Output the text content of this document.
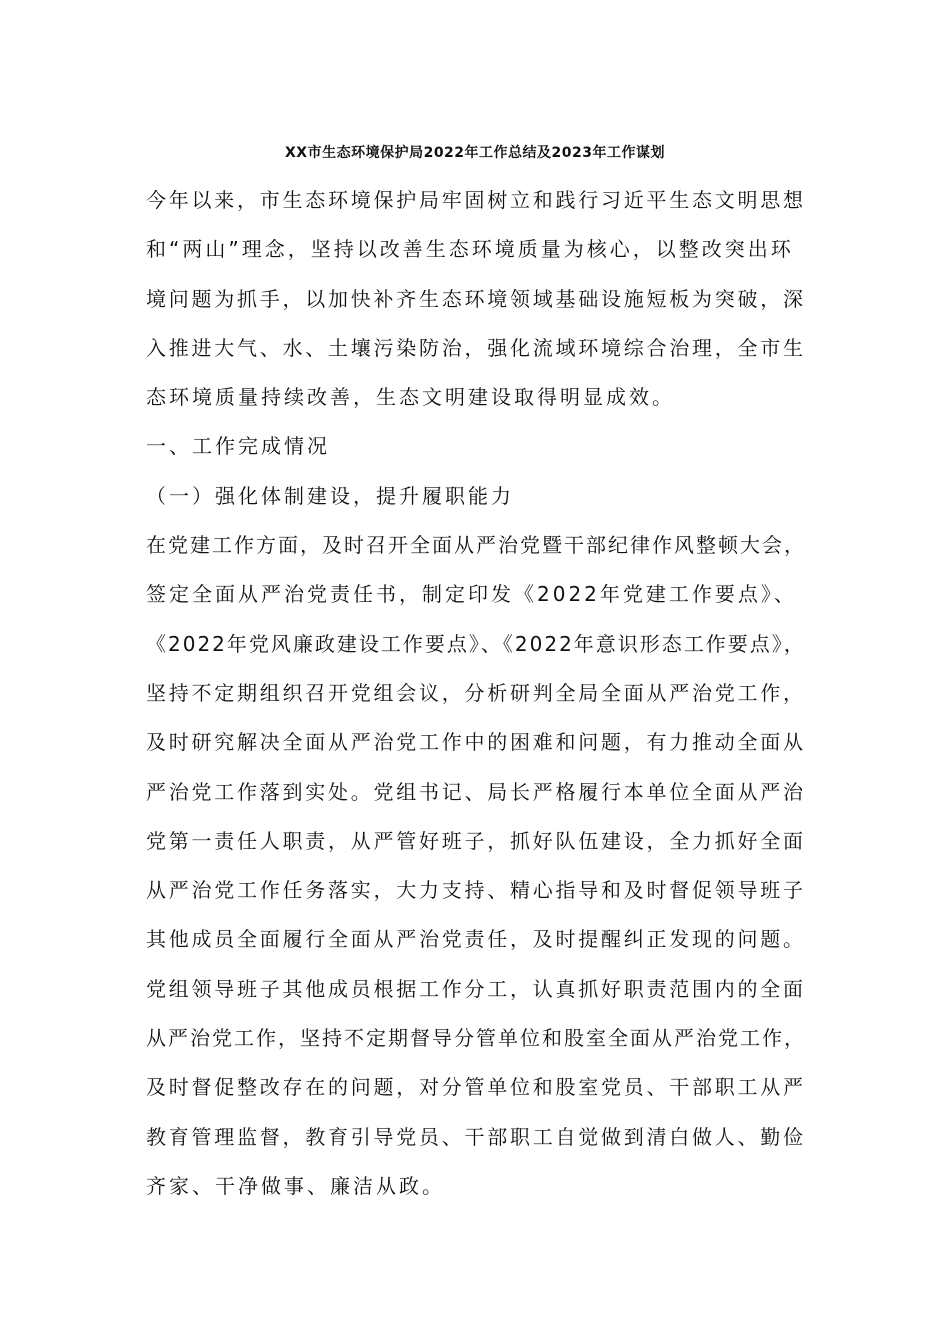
XX市生态环境保护局2022年工作总结及2023年工作谋划
今年以来，市生态环境保护局牢固树立和践行习近平生态文明思想
和“两山”理念，坚持以改善生态环境质量为核心，以整改突出环
境问题为抓手，以加快补齐生态环境领域基础设施短板为突破，深
入推进大气、水、土壤污染防治，强化流域环境综合治理，全市生
态环境质量持续改善，生态文明建设取得明显成效。
一、工作完成情况
（一）强化体制建设，提升履职能力
在党建工作方面，及时召开全面从严治党暨干部纪律作风整顿大会，
签定全面从严治党责任书，制定印发《2022年党建工作要点》、
《2022年党风廉政建设工作要点》、《2022年意识形态工作要点》，
坚持不定期组织召开党组会议，分析研判全局全面从严治党工作，
及时研究解决全面从严治党工作中的困难和问题，有力推动全面从
严治党工作落到实处。党组书记、局长严格履行本单位全面从严治
党第一责任人职责，从严管好班子，抓好队伍建设，全力抓好全面
从严治党工作任务落实，大力支持、精心指导和及时督促领导班子
其他成员全面履行全面从严治党责任，及时提醒纠正发现的问题。
党组领导班子其他成员根据工作分工，认真抓好职责范围内的全面
从严治党工作，坚持不定期督导分管单位和股室全面从严治党工作，
及时督促整改存在的问题，对分管单位和股室党员、干部职工从严
教育管理监督，教育引导党员、干部职工自觉做到清白做人、勤俭
齐家、干净做事、廉洁从政。
